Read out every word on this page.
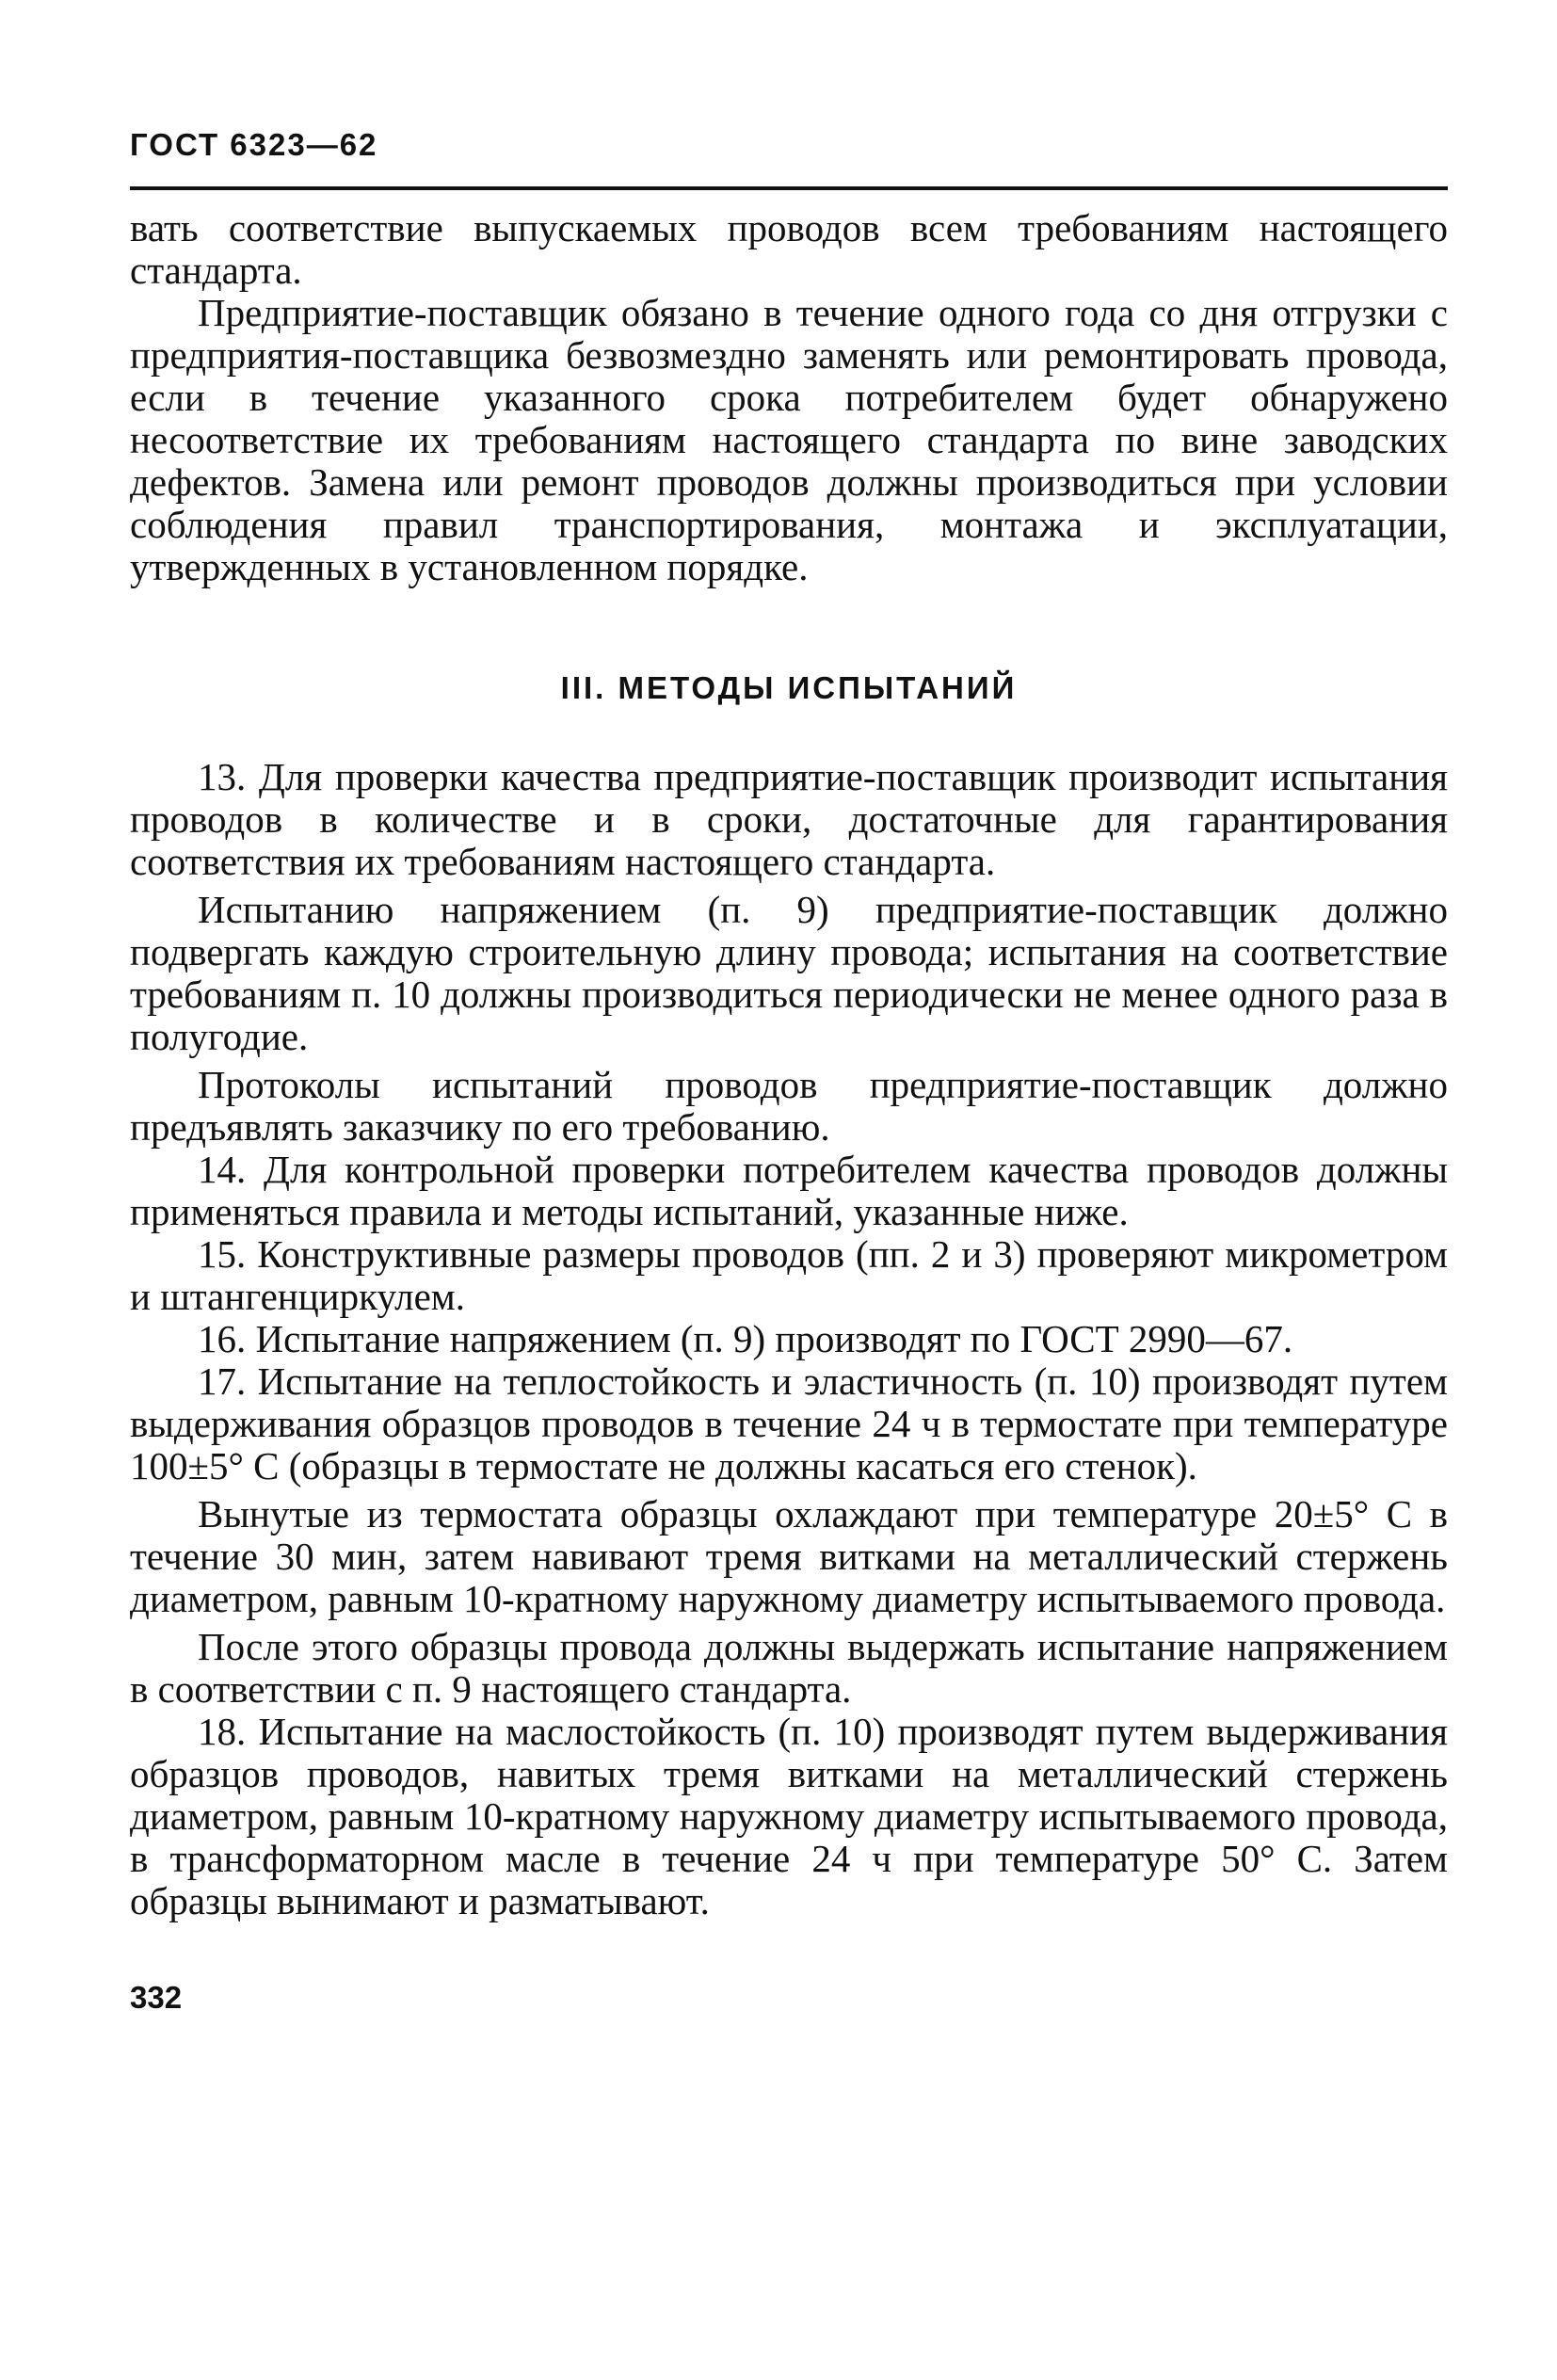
ГОСТ 6323—62

вать соответствие выпускаемых проводов всем требованиям настоящего стандарта.

Предприятие-поставщик обязано в течение одного года со дня отгрузки с предприятия-поставщика безвозмездно заменять или ремонтировать провода, если в течение указанного срока потребителем будет обнаружено несоответствие их требованиям настоящего стандарта по вине заводских дефектов. Замена или ремонт проводов должны производиться при условии соблюдения правил транспортирования, монтажа и эксплуатации, утвержденных в установленном порядке.

III. МЕТОДЫ ИСПЫТАНИЙ

13. Для проверки качества предприятие-поставщик производит испытания проводов в количестве и в сроки, достаточные для гарантирования соответствия их требованиям настоящего стандарта.

Испытанию напряжением (п. 9) предприятие-поставщик должно подвергать каждую строительную длину провода; испытания на соответствие требованиям п. 10 должны производиться периодически не менее одного раза в полугодие.

Протоколы испытаний проводов предприятие-поставщик должно предъявлять заказчику по его требованию.

14. Для контрольной проверки потребителем качества проводов должны применяться правила и методы испытаний, указанные ниже.

15. Конструктивные размеры проводов (пп. 2 и 3) проверяют микрометром и штангенциркулем.

16. Испытание напряжением (п. 9) производят по ГОСТ 2990—67.

17. Испытание на теплостойкость и эластичность (п. 10) производят путем выдерживания образцов проводов в течение 24 ч в термостате при температуре 100±5° С (образцы в термостате не должны касаться его стенок).

Вынутые из термостата образцы охлаждают при температуре 20±5° С в течение 30 мин, затем навивают тремя витками на металлический стержень диаметром, равным 10-кратному наружному диаметру испытываемого провода.

После этого образцы провода должны выдержать испытание напряжением в соответствии с п. 9 настоящего стандарта.

18. Испытание на маслостойкость (п. 10) производят путем выдерживания образцов проводов, навитых тремя витками на металлический стержень диаметром, равным 10-кратному наружному диаметру испытываемого провода, в трансформаторном масле в течение 24 ч при температуре 50° С. Затем образцы вынимают и разматывают.

332
